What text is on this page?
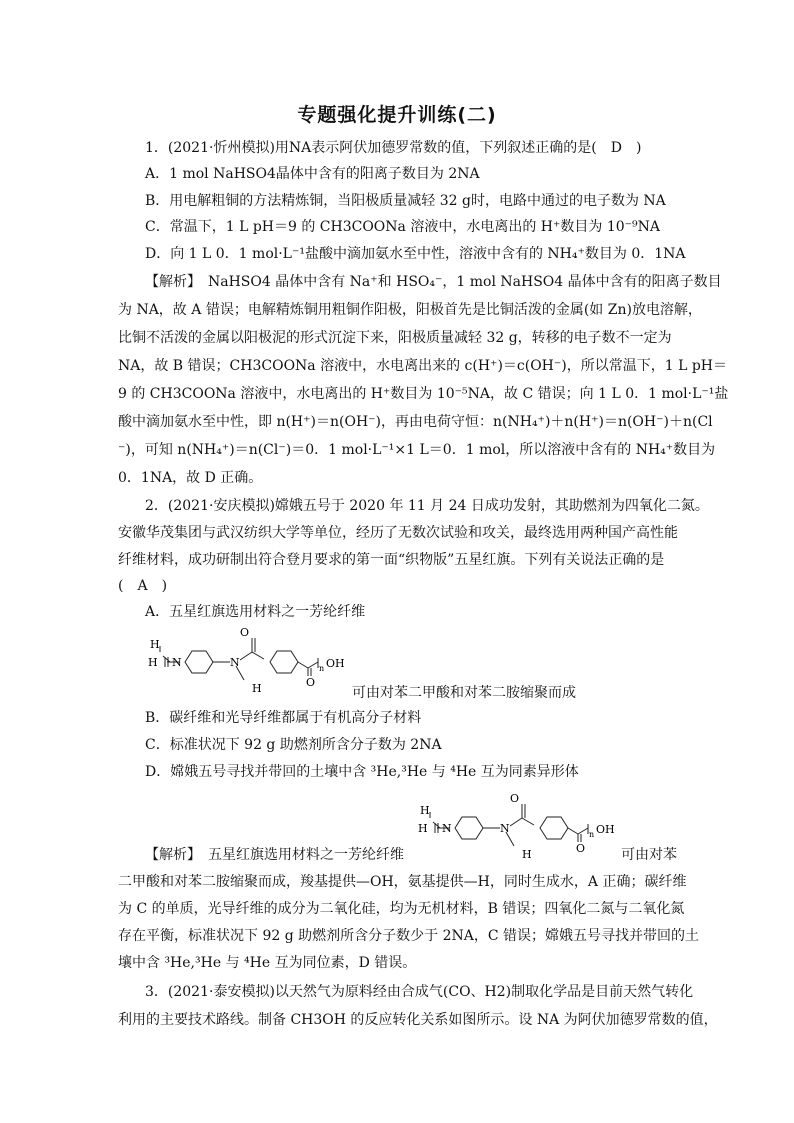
专题强化提升训练(二)
1．(2021·忻州模拟)用NA表示阿伏加德罗常数的值，下列叙述正确的是(　D　)
A．1 mol NaHSO4晶体中含有的阳离子数目为 2NA
B．用电解粗铜的方法精炼铜，当阳极质量减轻 32 g时，电路中通过的电子数为 NA
C．常温下，1 L pH＝9 的 CH3COONa 溶液中，水电离出的 H⁺数目为 10⁻⁹NA
D．向 1 L 0．1 mol·L⁻¹盐酸中滴加氨水至中性，溶液中含有的 NH₄⁺数目为 0．1NA
【解析】　NaHSO4 晶体中含有 Na⁺和 HSO₄⁻，1 mol NaHSO4 晶体中含有的阳离子数目
为 NA，故 A 错误；电解精炼铜用粗铜作阳极，阳极首先是比铜活泼的金属(如 Zn)放电溶解，
比铜不活泼的金属以阳极泥的形式沉淀下来，阳极质量减轻 32 g，转移的电子数不一定为
NA，故 B 错误；CH3COONa 溶液中，水电离出来的 c(H⁺)＝c(OH⁻)，所以常温下，1 L pH＝
9 的 CH3COONa 溶液中，水电离出的 H⁺数目为 10⁻⁵NA，故 C 错误；向 1 L 0．1 mol·L⁻¹盐
酸中滴加氨水至中性，即 n(H⁺)＝n(OH⁻)，再由电荷守恒：n(NH₄⁺)＋n(H⁺)＝n(OH⁻)＋n(Cl
⁻)，可知 n(NH₄⁺)＝n(Cl⁻)＝0．1 mol·L⁻¹×1 L＝0．1 mol，所以溶液中含有的 NH₄⁺数目为
0．1NA，故 D 正确。
2．(2021·安庆模拟)嫦娥五号于 2020 年 11 月 24 日成功发射，其助燃剂为四氧化二氮。
安徽华茂集团与武汉纺织大学等单位，经历了无数次试验和攻关，最终选用两种国产高性能
纤维材料，成功研制出符合登月要求的第一面“织物版”五星红旗。下列有关说法正确的是
(　A　)
A．五星红旗选用材料之一芳纶纤维
H
H N	N
O
O
n OH
H	可由对苯二甲酸和对苯二胺缩聚而成
B．碳纤维和光导纤维都属于有机高分子材料
C．标准状况下 92 g 助燃剂所含分子数为 2NA
D．嫦娥五号寻找并带回的土壤中含 ³He,³He 与 ⁴He 互为同素异形体
H
H N	N
O
O
n OH
H
【解析】　五星红旗选用材料之一芳纶纤维	可由对苯
二甲酸和对苯二胺缩聚而成，羧基提供—OH，氨基提供—H，同时生成水，A 正确；碳纤维
为 C 的单质，光导纤维的成分为二氧化硅，均为无机材料，B 错误；四氧化二氮与二氧化氮
存在平衡，标准状况下 92 g 助燃剂所含分子数少于 2NA，C 错误；嫦娥五号寻找并带回的土
壤中含 ³He,³He 与 ⁴He 互为同位素，D 错误。
3．(2021·泰安模拟)以天然气为原料经由合成气(CO、H2)制取化学品是目前天然气转化
利用的主要技术路线。制备 CH3OH 的反应转化关系如图所示。设 NA 为阿伏加德罗常数的值，
